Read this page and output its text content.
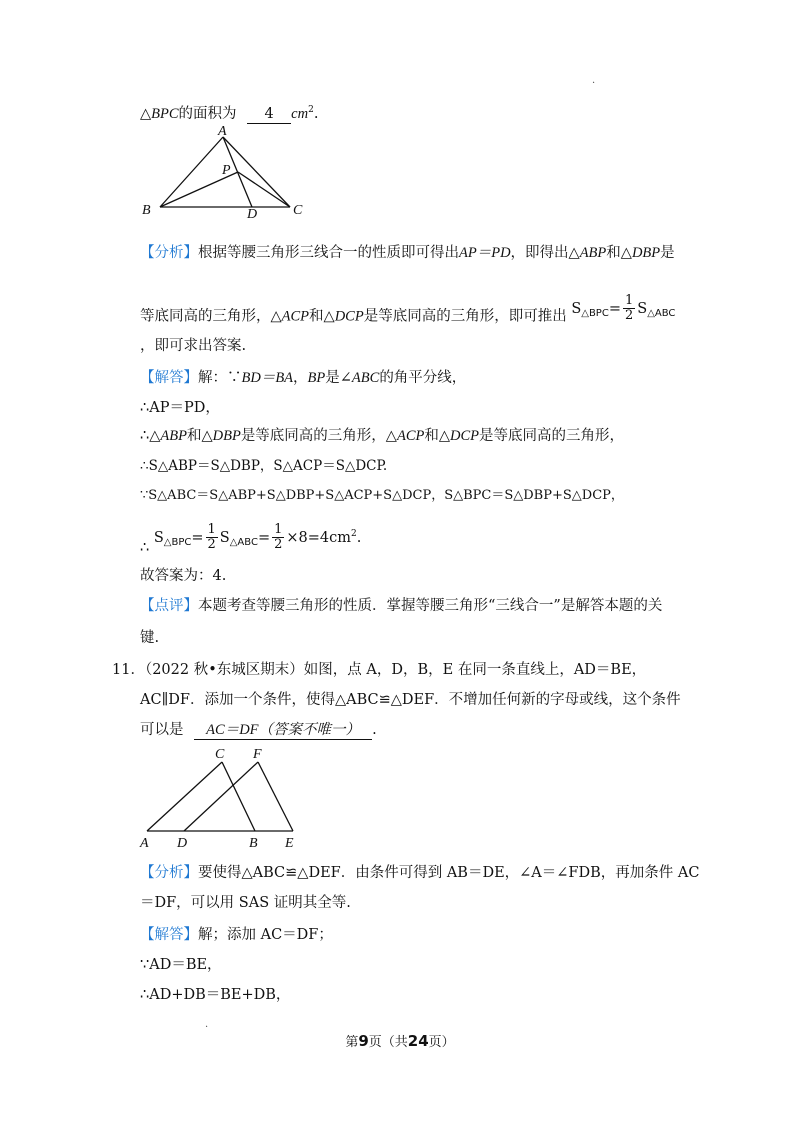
·
△BPC的面积为 4 $cm^2$.
A
P
B	D	C
【分析】根据等腰三角形三线合一的性质即可得出AP＝PD，即得出△ABP和△DBP是
等底同高的三角形，△ACP和△DCP是等底同高的三角形，即可推出 $S_{\triangle BPC}= \frac{1}{2} S_{\triangle ABC}$
，即可求出答案.
【解答】解：∵BD＝BA，BP是∠ABC的角平分线，
∴AP＝PD，
∴△ABP和△DBP是等底同高的三角形，△ACP和△DCP是等底同高的三角形，
∴S△ABP＝S△DBP，S△ACP＝S△DCP.
∵S△ABC＝S△ABP+S△DBP+S△ACP+S△DCP，S△BPC＝S△DBP+S△DCP，
∴ $S_{\triangle BPC}= \frac{1}{2} S_{\triangle ABC}= \frac{1}{2} \times 8=4cm^2$.
故答案为：4.
【点评】本题考查等腰三角形的性质．掌握等腰三角形“三线合一”是解答本题的关
键.
11．（2022 秋•东城区期末）如图，点 A，D，B，E 在同一条直线上，AD＝BE，
AC∥DF．添加一个条件，使得△ABC≌△DEF．不增加任何新的字母或线，这个条件
可以是 AC＝DF（答案不唯一） .
C F
A D	B E
【分析】要使得△ABC≌△DEF．由条件可得到 AB＝DE，∠A＝∠FDB，再加条件 AC
＝DF，可以用 SAS 证明其全等.
【解答】解；添加 AC＝DF；
∵AD＝BE，
∴AD+DB＝BE+DB，
·
第9页（共24页）
